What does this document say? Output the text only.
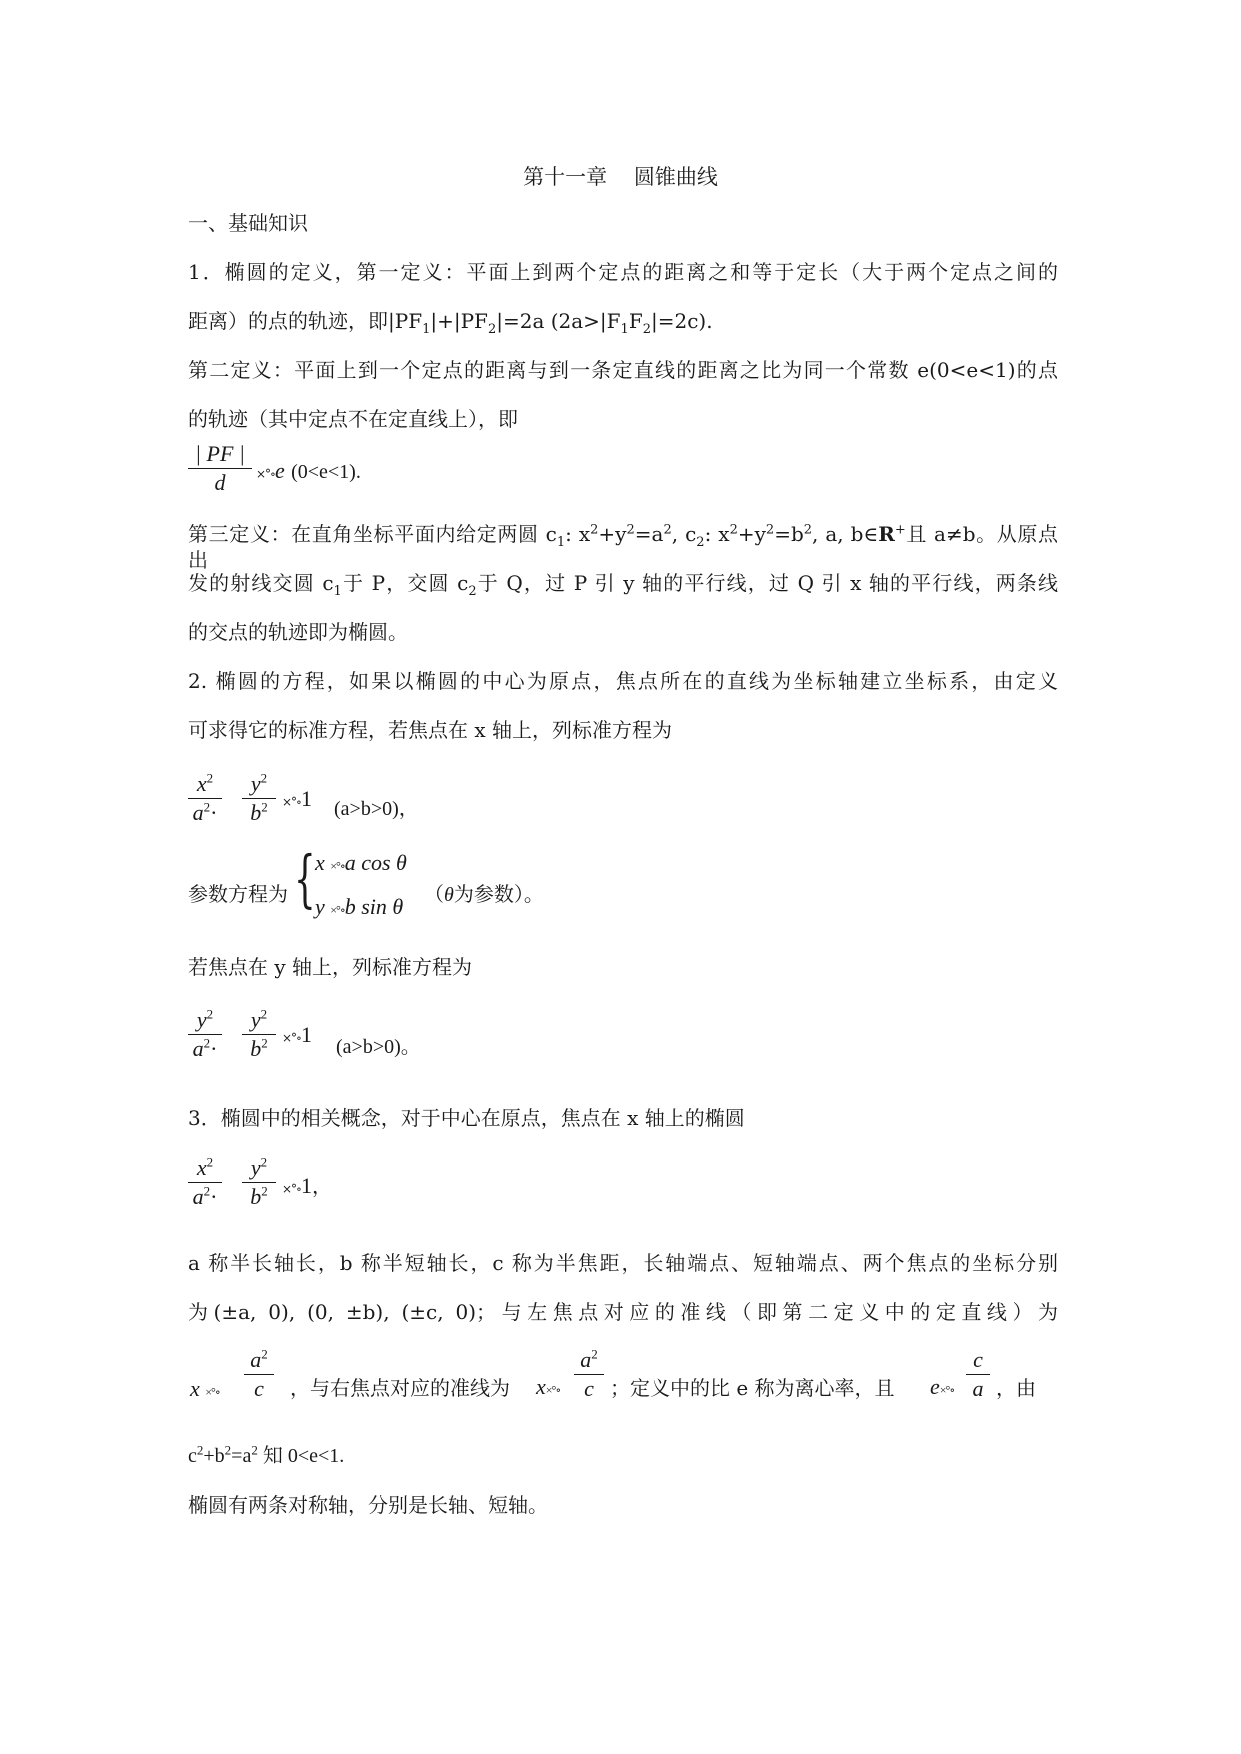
第十一章 圆锥曲线
一、基础知识
1．椭圆的定义，第一定义：平面上到两个定点的距离之和等于定长（大于两个定点之间的
距离）的点的轨迹，即$|PF_1|+|PF_2|=2a$ $(2a>|F_1F_2|=2c)$.
第二定义：平面上到一个定点的距离与到一条定直线的距离之比为同一个常数 e(0<e<1)的点
的轨迹（其中定点不在定直线上），即
| PF |
d	×°∘e (0<e<1).
第三定义：在直角坐标平面内给定两圆 $c_1$: $x^2+y^2=a^2$, $c_2$: $x^2+y^2=b^2$, a, b∈R+且 a≠b。从原点出
发的射线交圆 $c_1$于 P，交圆 $c_2$于 Q，过 P 引 y 轴的平行线，过 Q 引 x 轴的平行线，两条线
的交点的轨迹即为椭圆。
2. 椭圆的方程，如果以椭圆的中心为原点，焦点所在的直线为坐标轴建立坐标系，由定义
可求得它的标准方程，若焦点在 x 轴上，列标准方程为
$x^2$
$a^2\cdot$
$y^2$
$b^2$	×°∘1 (a>b>0)，
参数方程为 { x ×°∘a cos θ
y ×°∘b sin θ （θ为参数）。
若焦点在 y 轴上，列标准方程为
$y^2$
$a^2\cdot$
$y^2$
$b^2$	×°∘1 (a>b>0)。
3．椭圆中的相关概念，对于中心在原点，焦点在 x 轴上的椭圆
$x^2$
$a^2\cdot$
$y^2$
$b^2$	×°∘1，
a 称半长轴长，b 称半短轴长，c 称为半焦距，长轴端点、短轴端点、两个焦点的坐标分别
为(±a, 0), (0, ±b), (±c, 0)；与左焦点对应的准线（即第二定义中的定直线）为
x ×°∘
$a^2$
c	，与右焦点对应的准线为 x×°∘
$a^2$
c ；定义中的比 e 称为离心率，且 e×°∘
c
a ，由
$c^2+b^2=a^2$ 知 0<e<1.
椭圆有两条对称轴，分别是长轴、短轴。
